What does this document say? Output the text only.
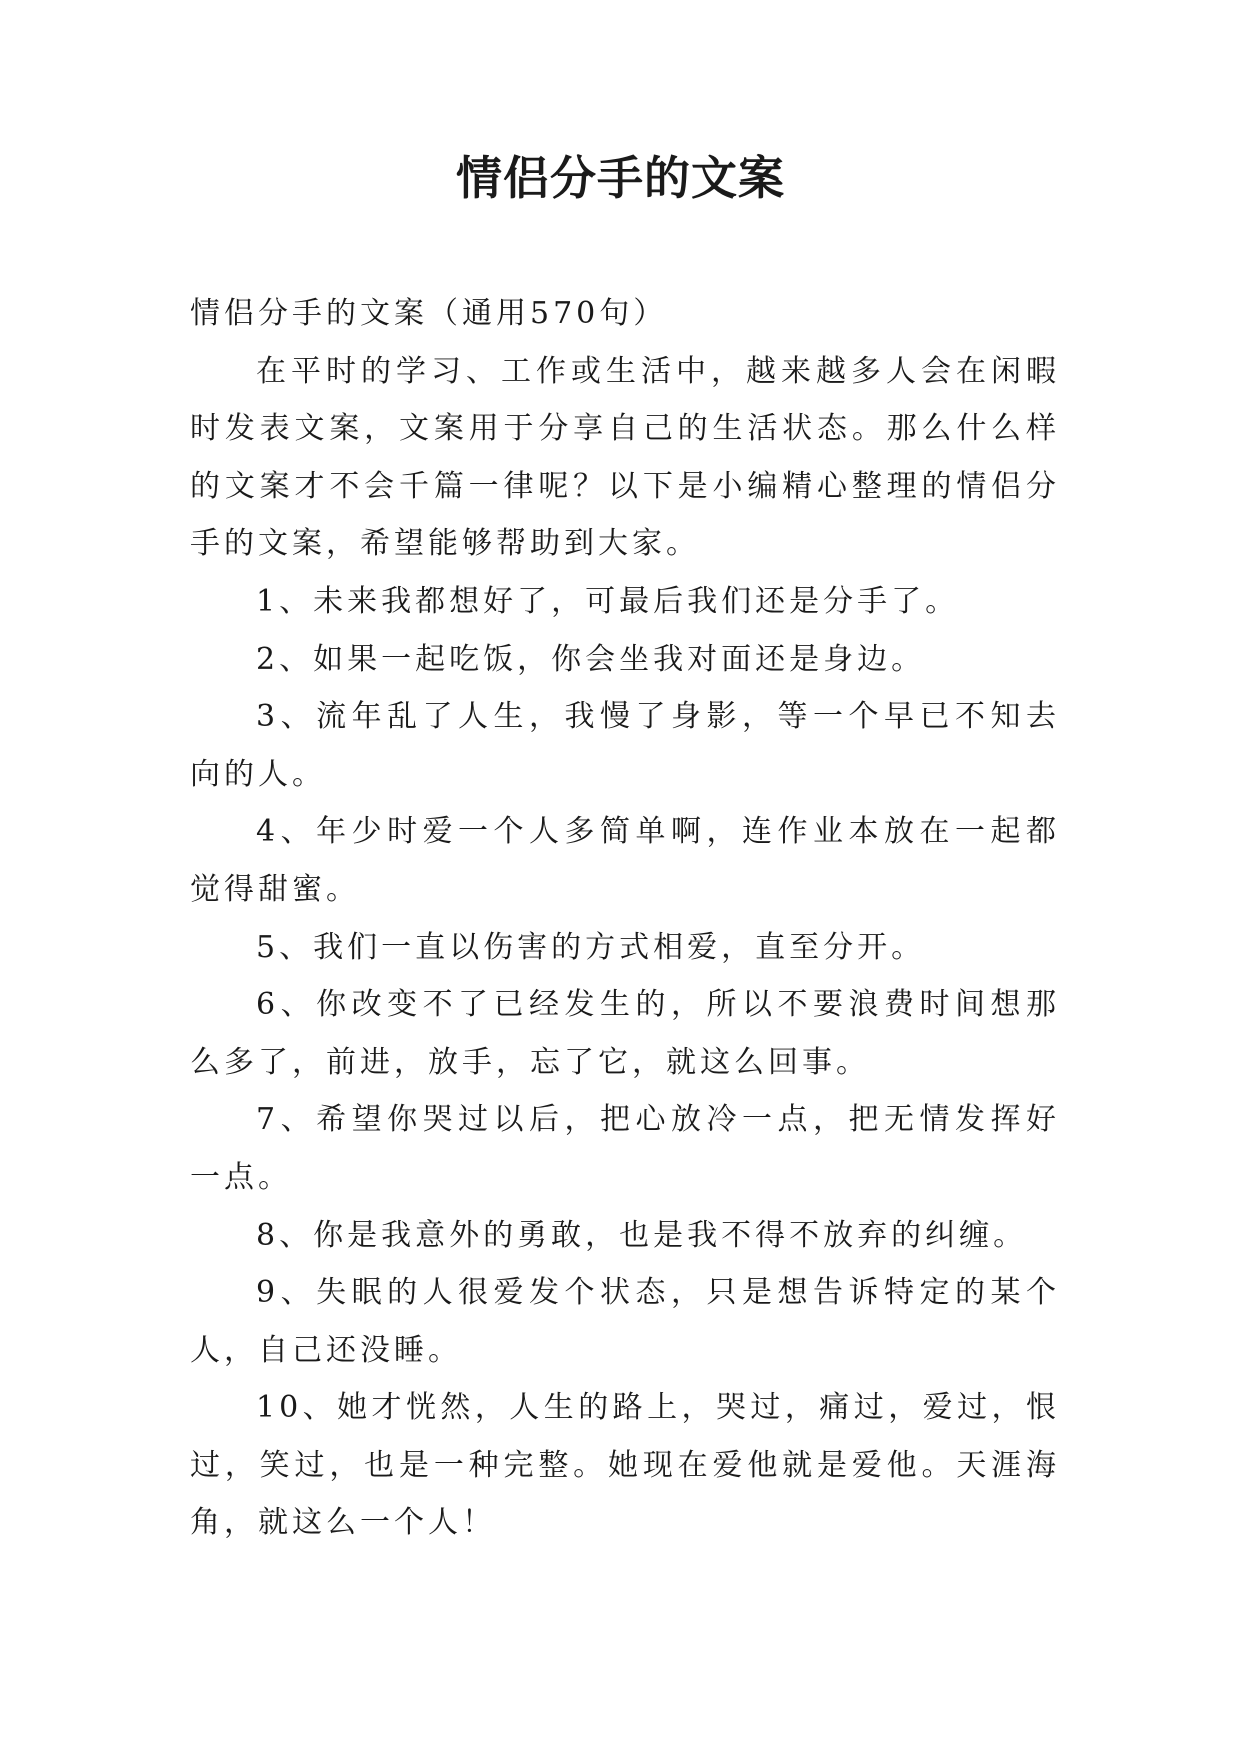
情侣分手的文案

情侣分手的文案（通用570句）

在平时的学习、工作或生活中，越来越多人会在闲暇时发表文案，文案用于分享自己的生活状态。那么什么样的文案才不会千篇一律呢？以下是小编精心整理的情侣分手的文案，希望能够帮助到大家。

1、未来我都想好了，可最后我们还是分手了。

2、如果一起吃饭，你会坐我对面还是身边。

3、流年乱了人生，我慢了身影，等一个早已不知去向的人。

4、年少时爱一个人多简单啊，连作业本放在一起都觉得甜蜜。

5、我们一直以伤害的方式相爱，直至分开。

6、你改变不了已经发生的，所以不要浪费时间想那么多了，前进，放手，忘了它，就这么回事。

7、希望你哭过以后，把心放冷一点，把无情发挥好一点。

8、你是我意外的勇敢，也是我不得不放弃的纠缠。

9、失眠的人很爱发个状态，只是想告诉特定的某个人，自己还没睡。

10、她才恍然，人生的路上，哭过，痛过，爱过，恨过，笑过，也是一种完整。她现在爱他就是爱他。天涯海角，就这么一个人！
